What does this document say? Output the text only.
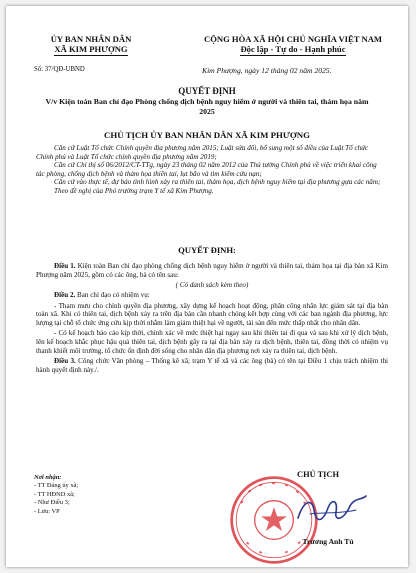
ỦY BAN NHÂN DÂN
XÃ KIM PHƯỢNG
CỘNG HÒA XÃ HỘI CHỦ NGHĨA VIỆT NAM
Độc lập - Tự do - Hạnh phúc
Số: 37/QĐ-UBND	Kim Phượng, ngày 12 tháng 02 năm 2025.
QUYẾT ĐỊNH
V/v Kiện toàn Ban chỉ đạo Phòng chống dịch bệnh nguy hiểm ở người và thiên tai, thảm họa năm 2025
CHỦ TỊCH ỦY BAN NHÂN DÂN XÃ KIM PHƯỢNG

Căn cứ Luật Tổ chức Chính quyền địa phương năm 2015; Luật sửa đổi, bổ sung một số điều của Luật Tổ chức Chính phủ và Luật Tổ chức chính quyền địa phương năm 2019;

Căn cứ Chỉ thị số 06/2012/CT-TTg, ngày 23 tháng 02 năm 2012 của Thủ tướng Chính phủ về việc triển khai công tác phòng, chống dịch bệnh và thảm họa thiên tai, lụt bão và tìm kiếm cứu nạn;

Căn cứ vào thực tế, dự báo tình hình xảy ra thiên tai, thảm họa, dịch bệnh nguy hiểm tại địa phương gựa các năm;

Theo đề nghị của Phó trưởng trạm Y tế xã Kim Phượng.

QUYẾT ĐỊNH:

Điều 1. Kiện toàn Ban chỉ đạo phòng chống dịch bệnh nguy hiểm ở người và thiên tai, thảm họa tại địa bàn xã Kim Phượng năm 2025, gồm có các ông, bà có tên sau:

( Có danh sách kèm theo)

Điều 2. Ban chỉ đạo có nhiệm vụ:

- Tham mưu cho chính quyền địa phương, xây dựng kế hoạch hoạt động, phân công nhân lực giám sát tại địa bàn toàn xã. Khi có thiên tai, dịch bệnh xảy ra trên địa bàn cần nhanh chóng kết hợp cùng với các ban ngành địa phương, lực lượng tại chỗ tổ chức ứng cứu kịp thời nhằm làm giảm thiệt hại về người, tài sản đến mức thấp nhất cho nhân dân.

- Có kế hoạch báo cáo kịp thời, chính xác về mức thiệt hại ngay sau khi thiên tai đi qua và sau khi xử lý dịch bệnh, lên kế hoạch khắc phục hậu quả thiên tai, dịch bệnh gây ra tại địa bàn xảy ra dịch bệnh, thiên tai, đồng thời có nhiệm vụ thanh khiết môi trường, tổ chức ổn định đời sống cho nhân dân địa phương nơi xảy ra thiên tai, dịch bệnh.

Điều 3. Công chức Văn phòng – Thống kê xã; trạm Y tế xã và các ông (bà) có tên tại Điều 1 chịu trách nhiệm thi hành quyết định này./.

Nơi nhận:
- TT Đảng ủy xã;
- TT HĐND xã;
- Như Điều 3;
- Lưu: VP
CHỦ TỊCH
Trương Anh Tú
